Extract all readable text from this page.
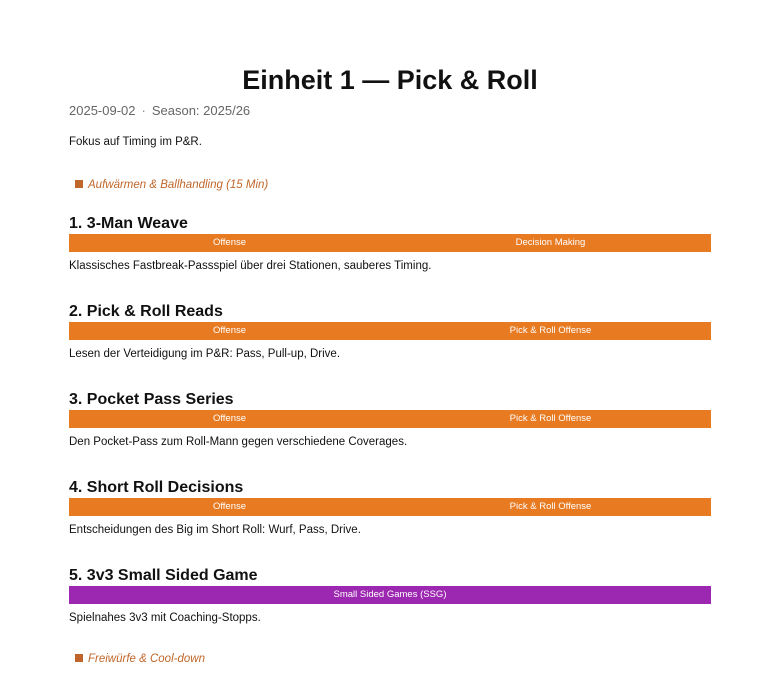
Einheit 1 — Pick & Roll
2025-09-02 · Season: 2025/26
Fokus auf Timing im P&R.
Aufwärmen & Ballhandling (15 Min)
1. 3-Man Weave
Offense	Decision Making
Klassisches Fastbreak-Passspiel über drei Stationen, sauberes Timing.
2. Pick & Roll Reads
Offense	Pick & Roll Offense
Lesen der Verteidigung im P&R: Pass, Pull-up, Drive.
3. Pocket Pass Series
Offense	Pick & Roll Offense
Den Pocket-Pass zum Roll-Mann gegen verschiedene Coverages.
4. Short Roll Decisions
Offense	Pick & Roll Offense
Entscheidungen des Big im Short Roll: Wurf, Pass, Drive.
5. 3v3 Small Sided Game
Small Sided Games (SSG)
Spielnahes 3v3 mit Coaching-Stopps.
Freiwürfe & Cool-down
